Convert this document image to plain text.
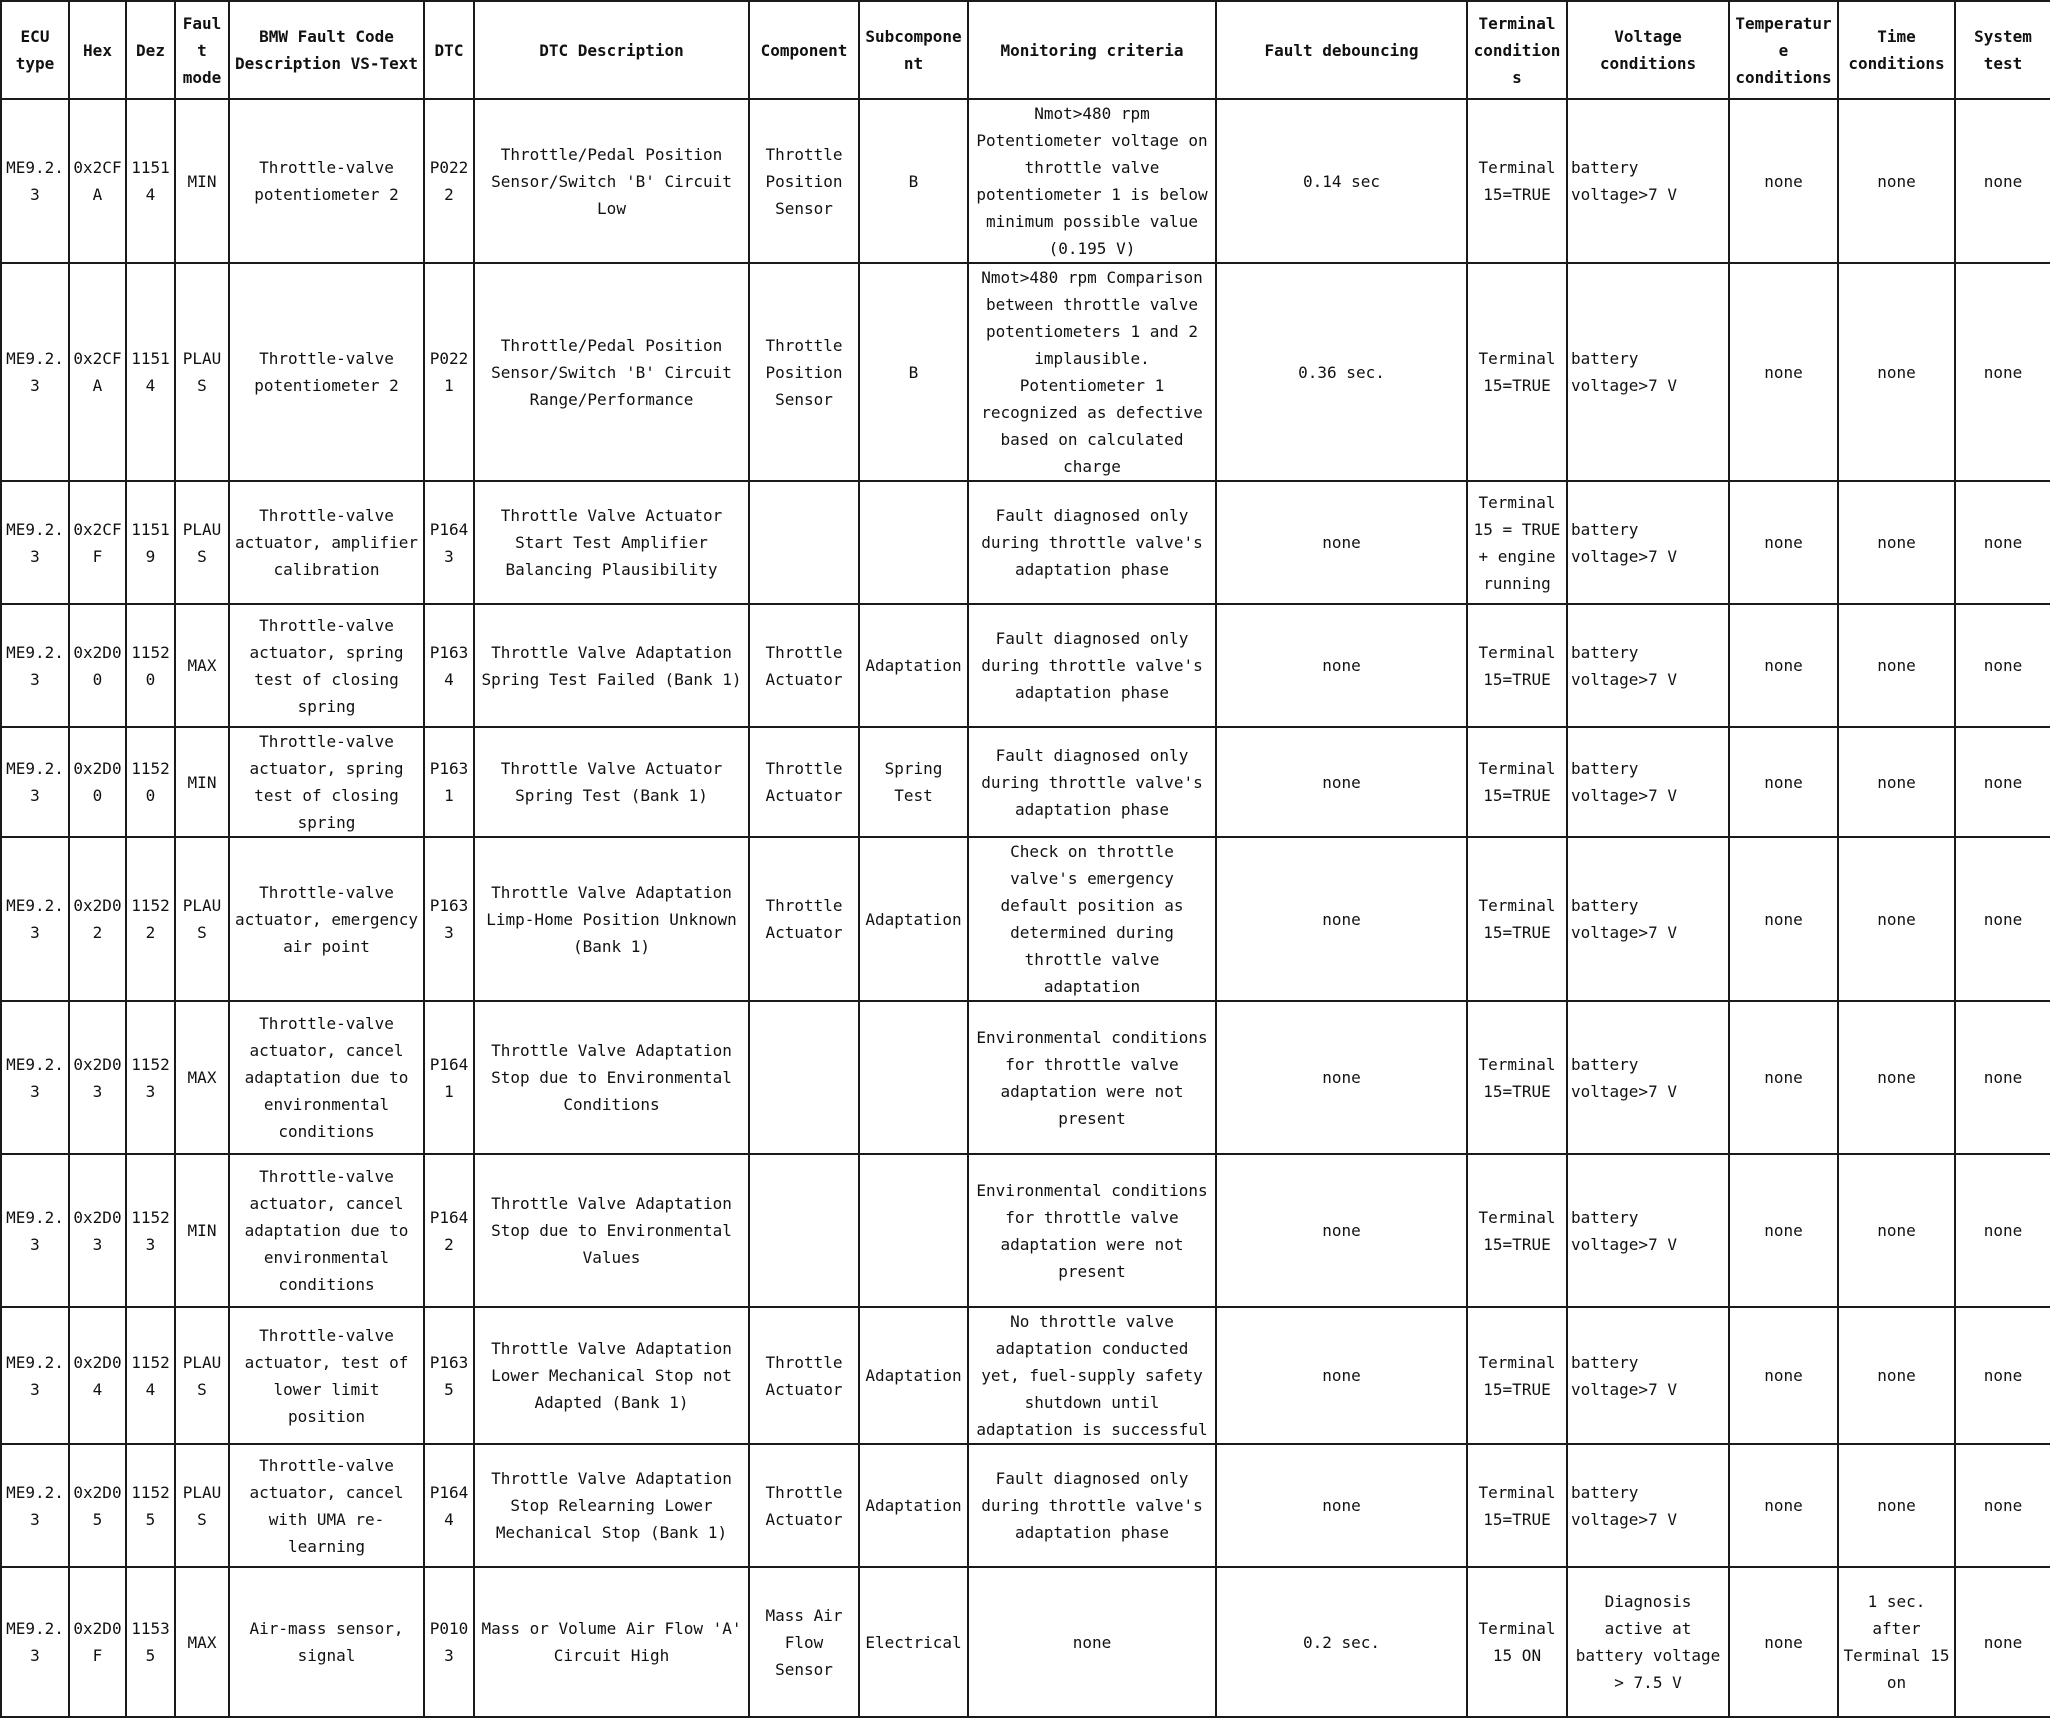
ECU type	Hex	Dez	Fault mode	BMW Fault Code Description VS-Text	DTC	DTC Description	Component	Subcomponent	Monitoring criteria	Fault debouncing	Terminal conditions	Voltage conditions	Temperature conditions	Time conditions	System test
ME9.2.3	0x2CFA	11514	MIN	Throttle-valve potentiometer 2	P0222	Throttle/Pedal Position Sensor/Switch 'B' Circuit Low	Throttle Position Sensor	B	Nmot>480 rpm Potentiometer voltage on throttle valve potentiometer 1 is below minimum possible value (0.195 V)	0.14 sec	Terminal 15=TRUE	battery voltage>7 V	none	none	none
ME9.2.3	0x2CFA	11514	PLAUS	Throttle-valve potentiometer 2	P0221	Throttle/Pedal Position Sensor/Switch 'B' Circuit Range/Performance	Throttle Position Sensor	B	Nmot>480 rpm Comparison between throttle valve potentiometers 1 and 2 implausible. Potentiometer 1 recognized as defective based on calculated charge	0.36 sec.	Terminal 15=TRUE	battery voltage>7 V	none	none	none
ME9.2.3	0x2CFF	11519	PLAUS	Throttle-valve actuator, amplifier calibration	P1643	Throttle Valve Actuator Start Test Amplifier Balancing Plausibility			Fault diagnosed only during throttle valve's adaptation phase	none	Terminal 15 = TRUE + engine running	battery voltage>7 V	none	none	none
ME9.2.3	0x2D00	11520	MAX	Throttle-valve actuator, spring test of closing spring	P1634	Throttle Valve Adaptation Spring Test Failed (Bank 1)	Throttle Actuator	Adaptation	Fault diagnosed only during throttle valve's adaptation phase	none	Terminal 15=TRUE	battery voltage>7 V	none	none	none
ME9.2.3	0x2D00	11520	MIN	Throttle-valve actuator, spring test of closing spring	P1631	Throttle Valve Actuator Spring Test (Bank 1)	Throttle Actuator	Spring Test	Fault diagnosed only during throttle valve's adaptation phase	none	Terminal 15=TRUE	battery voltage>7 V	none	none	none
ME9.2.3	0x2D02	11522	PLAUS	Throttle-valve actuator, emergency air point	P1633	Throttle Valve Adaptation Limp-Home Position Unknown (Bank 1)	Throttle Actuator	Adaptation	Check on throttle valve's emergency default position as determined during throttle valve adaptation	none	Terminal 15=TRUE	battery voltage>7 V	none	none	none
ME9.2.3	0x2D03	11523	MAX	Throttle-valve actuator, cancel adaptation due to environmental conditions	P1641	Throttle Valve Adaptation Stop due to Environmental Conditions			Environmental conditions for throttle valve adaptation were not present	none	Terminal 15=TRUE	battery voltage>7 V	none	none	none
ME9.2.3	0x2D03	11523	MIN	Throttle-valve actuator, cancel adaptation due to environmental conditions	P1642	Throttle Valve Adaptation Stop due to Environmental Values			Environmental conditions for throttle valve adaptation were not present	none	Terminal 15=TRUE	battery voltage>7 V	none	none	none
ME9.2.3	0x2D04	11524	PLAUS	Throttle-valve actuator, test of lower limit position	P1635	Throttle Valve Adaptation Lower Mechanical Stop not Adapted (Bank 1)	Throttle Actuator	Adaptation	No throttle valve adaptation conducted yet, fuel-supply safety shutdown until adaptation is successful	none	Terminal 15=TRUE	battery voltage>7 V	none	none	none
ME9.2.3	0x2D05	11525	PLAUS	Throttle-valve actuator, cancel with UMA re-learning	P1644	Throttle Valve Adaptation Stop Relearning Lower Mechanical Stop (Bank 1)	Throttle Actuator	Adaptation	Fault diagnosed only during throttle valve's adaptation phase	none	Terminal 15=TRUE	battery voltage>7 V	none	none	none
ME9.2.3	0x2D0F	11535	MAX	Air-mass sensor, signal	P0103	Mass or Volume Air Flow 'A' Circuit High	Mass Air Flow Sensor	Electrical	none	0.2 sec.	Terminal 15 ON	Diagnosis active at battery voltage > 7.5 V	none	1 sec. after Terminal 15 on	none
